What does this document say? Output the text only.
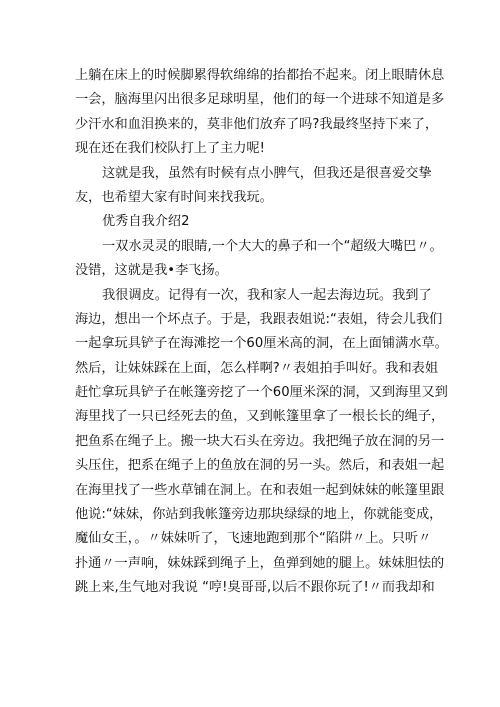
上躺在床上的时候脚累得软绵绵的抬都抬不起来。闭上眼睛休息
一会，脑海里闪出很多足球明星，他们的每一个进球不知道是多
少汗水和血泪换来的，莫非他们放弃了吗?我最终坚持下来了，
现在还在我们校队打上了主力呢!
这就是我，虽然有时候有点小脾气，但我还是很喜爱交挚
友，也希望大家有时间来找我玩。
优秀自我介绍2
一双水灵灵的眼睛,一个大大的鼻子和一个“超级大嘴巴〃。
没错，这就是我•李飞扬。
我很调皮。记得有一次，我和家人一起去海边玩。我到了
海边，想出一个坏点子。于是，我跟表姐说:“表姐，待会儿我们
一起拿玩具铲子在海滩挖一个60厘米高的洞，在上面铺满水草。
然后，让妹妹踩在上面，怎么样啊?〃表姐拍手叫好。我和表姐
赶忙拿玩具铲子在帐篷旁挖了一个60厘米深的洞，又到海里又到
海里找了一只已经死去的鱼，又到帐篷里拿了一根长长的绳子，
把鱼系在绳子上。搬一块大石头在旁边。我把绳子放在洞的另一
头压住，把系在绳子上的鱼放在洞的另一头。然后，和表姐一起
在海里找了一些水草铺在洞上。在和表姐一起到妹妹的帐篷里跟
他说:“妹妹，你站到我帐篷旁边那块绿绿的地上，你就能变成，
魔仙女王，。〃妹妹听了，飞速地跑到那个“陷阱〃上。只听〃
扑通〃一声响，妹妹踩到绳子上，鱼弹到她的腿上。妹妹胆怯的
跳上来,生气地对我说 “哼!臭哥哥,以后不跟你玩了!〃而我却和
